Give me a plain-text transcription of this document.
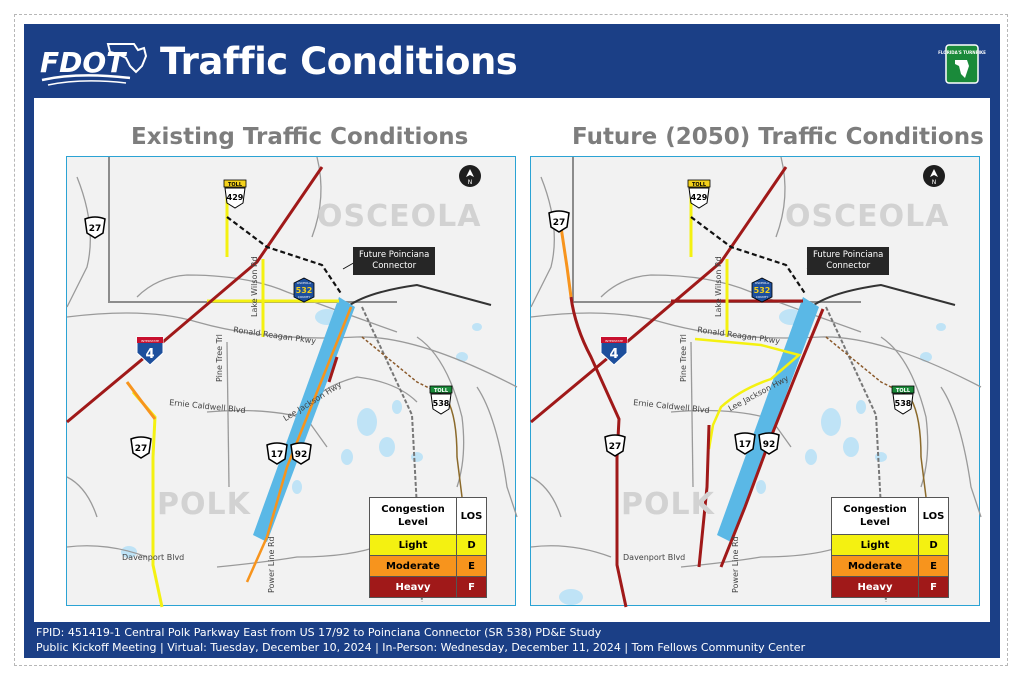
FDOT Traffic Conditions	FLORIDA'S TURNPIKE
Existing Traffic Conditions
OSCEOLA
POLK
Future Poinciana
Connector
Lake Wilson Rd
Pine Tree Trl Ronald Reagan Pkwy
Lee Jackson Hwy
Ernie Caldwell Blvd
Davenport Blvd	Power Line Rd
N
27
27
INTERSTATE
4
TOLL
429
OSCEOLA
532
COUNTY
TOLL
538
17 92
Congestion
Level	LOS
Light	D
Moderate	E
Heavy	F
Future (2050) Traffic Conditions
OSCEOLA
POLK
Future Poinciana
Connector
Lake Wilson Rd
Pine Tree Trl Ronald Reagan Pkwy
Lee Jackson Hwy
Ernie Caldwell Blvd
Davenport Blvd	Power Line Rd
N
27
27
INTERSTATE
4
TOLL
429
OSCEOLA
532
COUNTY
TOLL
538
17 92
Congestion
Level	LOS
Light	D
Moderate	E
Heavy	F
FPID: 451419-1 Central Polk Parkway East from US 17/92 to Poinciana Connector (SR 538) PD&E Study
Public Kickoff Meeting | Virtual: Tuesday, December 10, 2024 | In-Person: Wednesday, December 11, 2024 | Tom Fellows Community Center
